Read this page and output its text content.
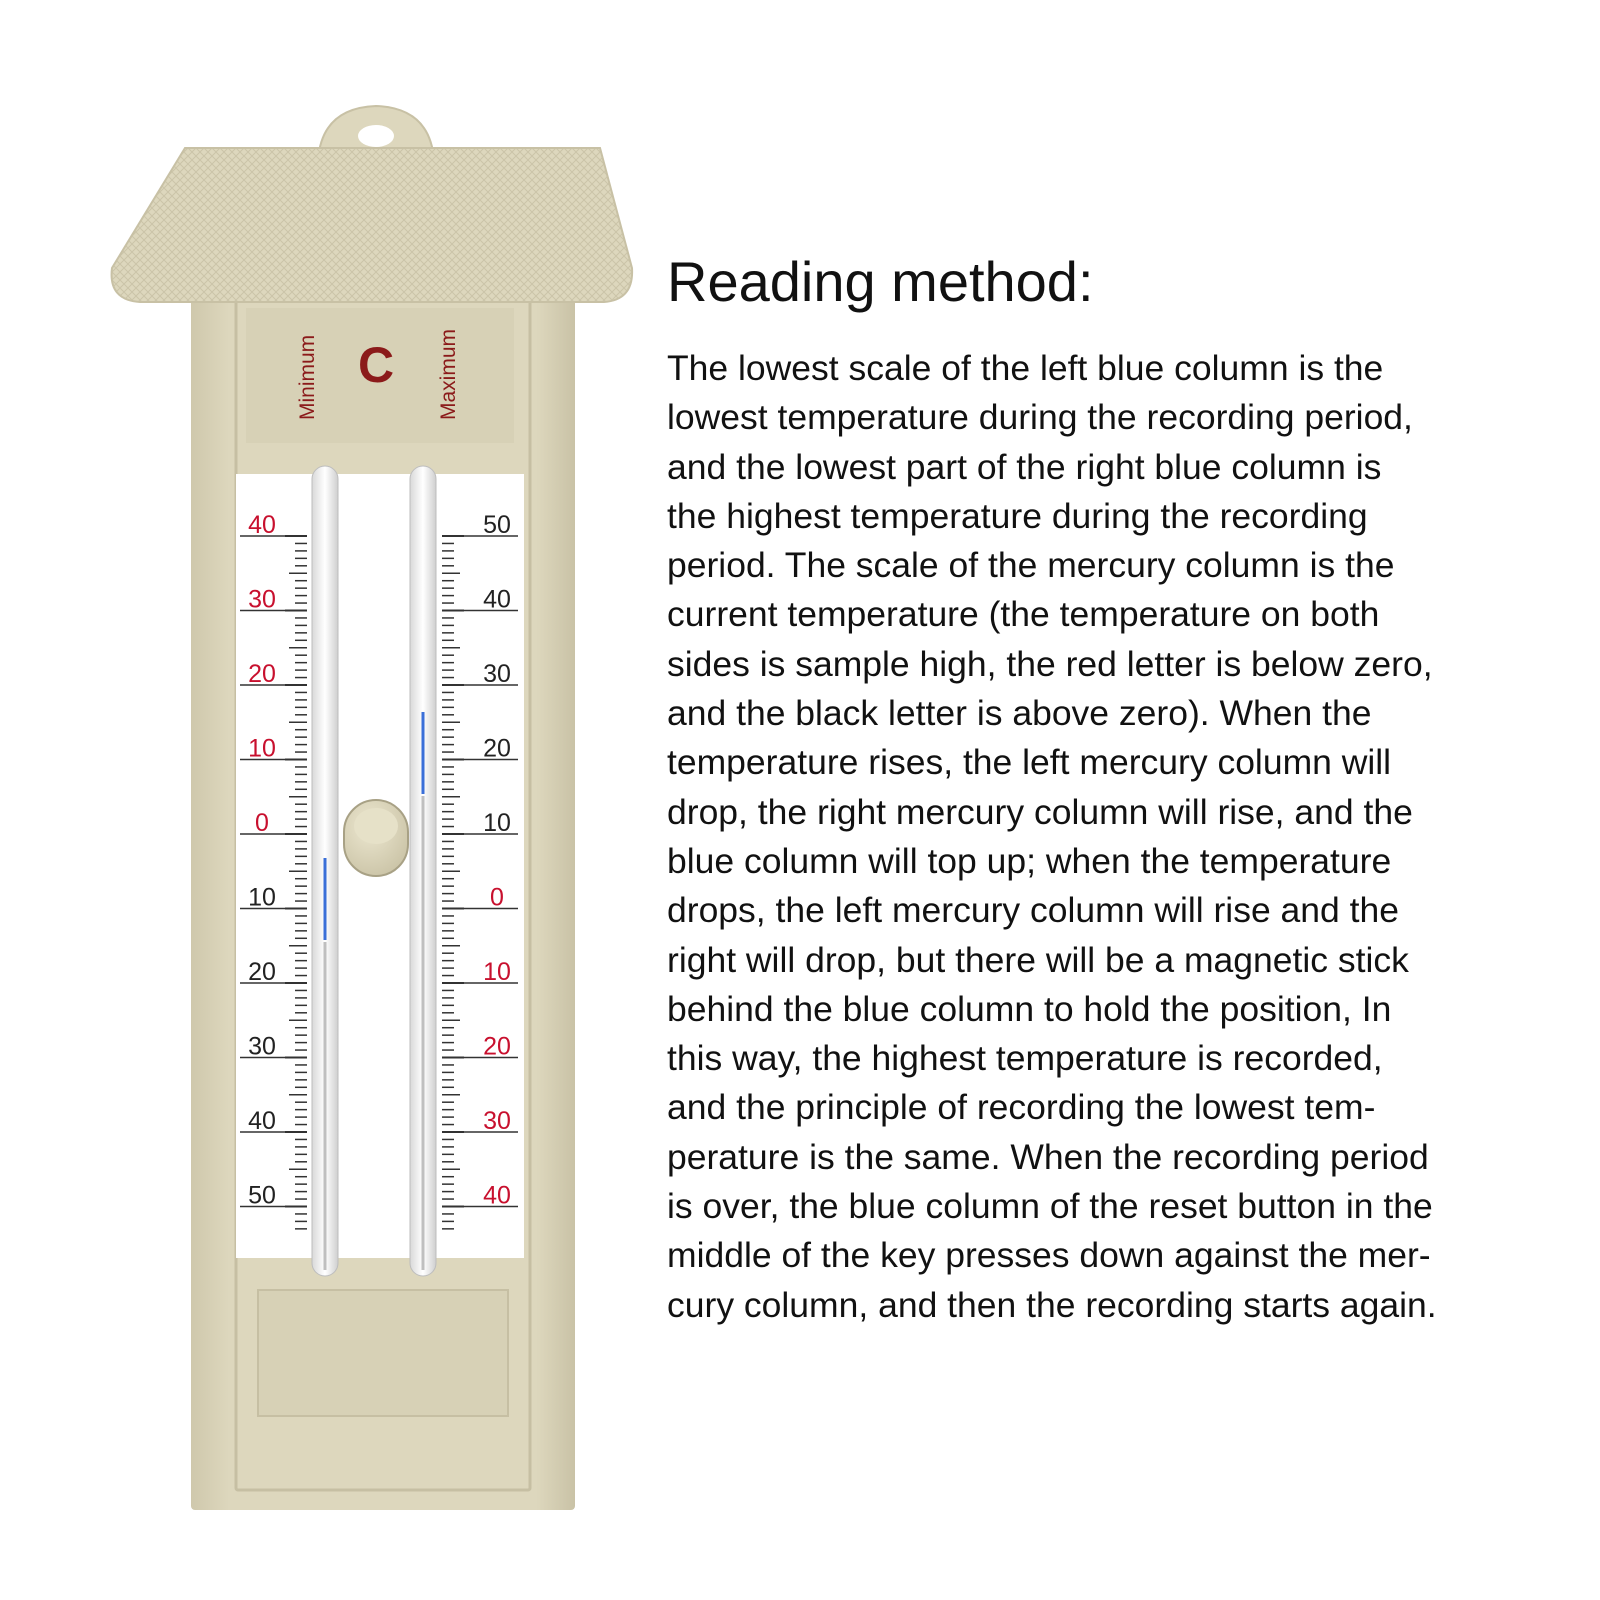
C
Minimum	Maximum
40
30
20
10
0
10
20
30
40
50
50
40
30
20
10
0
10
20
30
40
Reading method:
The lowest scale of the left blue column is the
lowest temperature during the recording period,
and the lowest part of the right blue column is
the highest temperature during the recording
period. The scale of the mercury column is the
current temperature (the temperature on both
sides is sample high, the red letter is below zero,
and the black letter is above zero). When the
temperature rises, the left mercury column will
drop, the right mercury column will rise, and the
blue column will top up; when the temperature
drops, the left mercury column will rise and the
right will drop, but there will be a magnetic stick
behind the blue column to hold the position, In
this way, the highest temperature is recorded,
and the principle of recording the lowest tem-
perature is the same. When the recording period
is over, the blue column of the reset button in the
middle of the key presses down against the mer-
cury column, and then the recording starts again.
